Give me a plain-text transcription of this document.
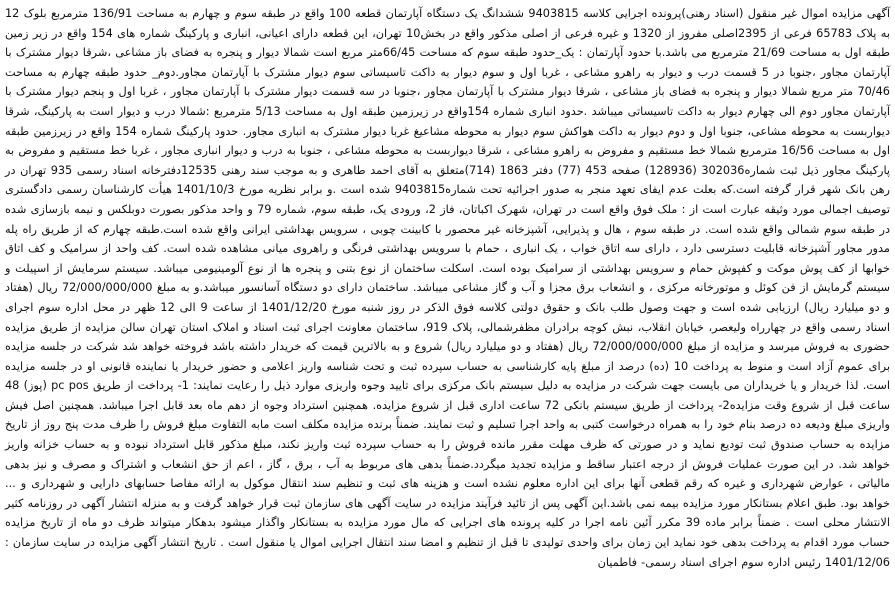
آگهی مزایده اموال غیر منقول (اسناد رهنی)پرونده اجرایی کلاسه 9403815 ششدانگ یک دستگاه آپارتمان قطعه 100 واقع در طبقه سوم و چهارم به مساحت 136/91 مترمربع بلوک 12 به پلاک 65783 فرعی از 2395اصلی مفروز از 1320 و غیره فرعی از اصلی مذکور واقع در بخش10 تهران، این قطعه دارای اعیانی، انباری و پارکینگ شماره های 154 واقع در زیر زمین طبقه اول به مساحت 21/69 مترمربع می باشد.با حدود آپارتمان : یک_حدود طبقه سوم که مساحت 66/45متر مربع است شمالا دیوار و پنجره به فضای باز مشاعی ،شرقا دیوار مشترک با آپارتمان مجاور ،جنوبا در 5 قسمت درب و دیوار به راهرو مشاعی ، غربا اول و سوم دیوار به داکت تاسیساتی سوم دیوار مشترک با آپارتمان مجاور.دوم_ حدود طبقه چهارم به مساحت 70/46 متر مربع شمالا دیوار و پنجره به فضای باز مشاعی ، شرقا دیوار مشترک با آپارتمان مجاور ،جنوبا در سه قسمت دیوار مشترک با آپارتمان مجاور ، غربا اول و پنجم دیوار مشترک با آپارتمان مجاور دوم الی چهارم دیوار به داکت تاسیساتی میباشد .حدود انباری شماره 154واقع در زیرزمین طبقه اول به مساحت 5/13 مترمربع :شمالا درب و دیوار است به پارکینگ، شرقا دیواربست به محوطه مشاعی، جنوبا اول و دوم دیوار به داکت هواکش سوم دیوار به محوطه مشاعیغ غربا دیوار مشترک به انباری مجاور. حدود پارکینگ شماره 154 واقع در زیرزمین طبقه اول به مساحت 16/56 مترمربع شمالا خط مستقیم و مفروض به راهرو مشاعی ، شرقا دیواربست به محوطه مشاعی ، جنوبا به درب و دیوار انباری مجاور ، غربا خط مستقیم و مفروض به پارکینگ مجاور ذیل ثبت شماره302036 (128936) صفحه 453 (77) دفتر 1863 (714)متعلق به آقای احمد طاهری و به موجب سند رهنی 12535دفترخانه اسناد رسمی 935 تهران در رهن بانک شهر قرار گرفته است.که بعلت عدم ایفای تعهد منجر به صدور اجرائیه تحت شماره9403815 شده است .و برابر نظریه مورخ 1401/10/3 هیأت کارشناسان رسمی دادگستری توصیف اجمالی مورد وثیقه عبارت است از : ملک فوق واقع است در تهران، شهرک اکباتان، فاز 2، ورودی یک، طبقه سوم، شماره 79 و واحد مذکور بصورت دوبلکس و نیمه بازسازی شده در طبقه سوم شمالی واقع شده است. در طبقه سوم ، هال و پذیرایی، آشپزخانه غیر محصور با کابینت چوبی ، سرویس بهداشتی ایرانی واقع شده است.طبقه چهارم که از طریق راه پله مدور مجاور آشپزخانه قابلیت دسترسی دارد ، دارای سه اتاق خواب ، یک انباری ، حمام با سرویس بهداشتی فرنگی و راهروی میانی مشاهده شده است. کف واحد از سرامیک و کف اتاق خوابها از کف پوش موکت و کفپوش حمام و سرویس بهداشتی از سرامیک بوده است. اسکلت ساختمان از نوع بتنی و پنجره ها از نوع آلومینیومی میباشد. سیستم سرمایش از اسپیلت و سیستم گرمایش از فن کوئل و موتورخانه مرکزی ، و انشعاب برق مجزا و آب و گاز مشاعی میباشد. ساختمان دارای دو دستگاه آسانسور میباشد.و به مبلغ 72/000/000/000 ریال (هفتاد و دو میلیارد ریال) ارزیابی شده است و جهت وصول طلب بانک و حقوق دولتی کلاسه فوق الذکر در روز شنبه مورخ 1401/12/20 از ساعت 9 الی 12 ظهر در محل اداره سوم اجرای اسناد رسمی واقع در چهارراه ولیعصر، خیابان انقلاب، نبش کوچه برادران مظفرشمالی، پلاک 919، ساختمان معاونت اجرای ثبت اسناد و املاک استان تهران سالن مزایده از طریق مزایده حضوری به فروش میرسد و مزایده از مبلغ 72/000/000/000 ریال (هفتاد و دو میلیارد ریال) شروع و به بالاترین قیمت که خریدار داشته باشد فروخته خواهد شد شرکت در جلسه مزایده برای عموم آزاد است و منوط به پرداخت 10 (ده) درصد از مبلغ پایه کارشناسی به حساب سپرده ثبت و تحت شناسه واریز اعلامی و حضور خریدار یا نماینده قانونی او در جلسه مزایده است. لذا خریدار و یا خریداران می بایست جهت شرکت در مزایده به دلیل سیستم بانک مرکزی برای تایید وجوه واریزی موارد ذیل را رعایت نمایند: 1- پرداخت از طریق pc pos (پوز) 48 ساعت قبل از شروع وقت مزایده2- پرداخت از طریق سیستم بانکی 72 ساعت اداری قبل از شروع مزایده. همچنین استرداد وجوه از دهم ماه بعد قابل اجرا میباشد. همچنین اصل فیش واریزی مبلغ ودیعه ده درصد بنام خود را به همراه درخواست کتبی به واحد اجرا تسلیم و ثبت نمایند. ضمناً برنده مزایده مکلف است مابه التفاوت مبلغ فروش را ظرف مدت پنج روز از تاریخ مزایده به حساب صندوق ثبت تودیع نماید و در صورتی که ظرف مهلت مقرر مانده فروش را به حساب سپرده ثبت واریز نکند، مبلغ مذکور قابل استرداد نبوده و به حساب خزانه واریز خواهد شد. در این صورت عملیات فروش از درجه اعتبار ساقط و مزایده تجدید میگردد.ضمناً بدهی های مربوط به آب ، برق ، گاز ، اعم از حق انشعاب و اشتراک و مصرف و نیز بدهی مالیاتی ، عوارض شهرداری و غیره که رقم قطعی آنها برای این اداره معلوم نشده است و هزینه های ثبت و تنظیم سند انتقال موکول به ارائه مفاصا حسابهای دارایی و شهرداری و ... خواهد بود. طبق اعلام بستانکار مورد مزایده بیمه نمی باشد.این آگهی پس از تائید فرآیند مزایده در سایت آگهی های سازمان ثبت قرار خواهد گرفت و به منزله انتشار آگهی در روزنامه کثیر الانتشار محلی است . ضمناً برابر ماده 39 مکرر آئین نامه اجرا در کلیه پرونده های اجرایی که مال مورد مزایده به بستانکار واگذار میشود بدهکار میتواند ظرف دو ماه از تاریخ مزایده حساب مورد اقدام به پرداخت بدهی خود نماید این زمان برای واحدی تولیدی تا قبل از تنظیم و امضا سند انتقال اجرایی اموال یا منقول است . تاریخ انتشار آگهی مزایده در سایت سازمان : 1401/12/06 رئیس اداره سوم اجرای اسناد رسمی- فاطمیان
